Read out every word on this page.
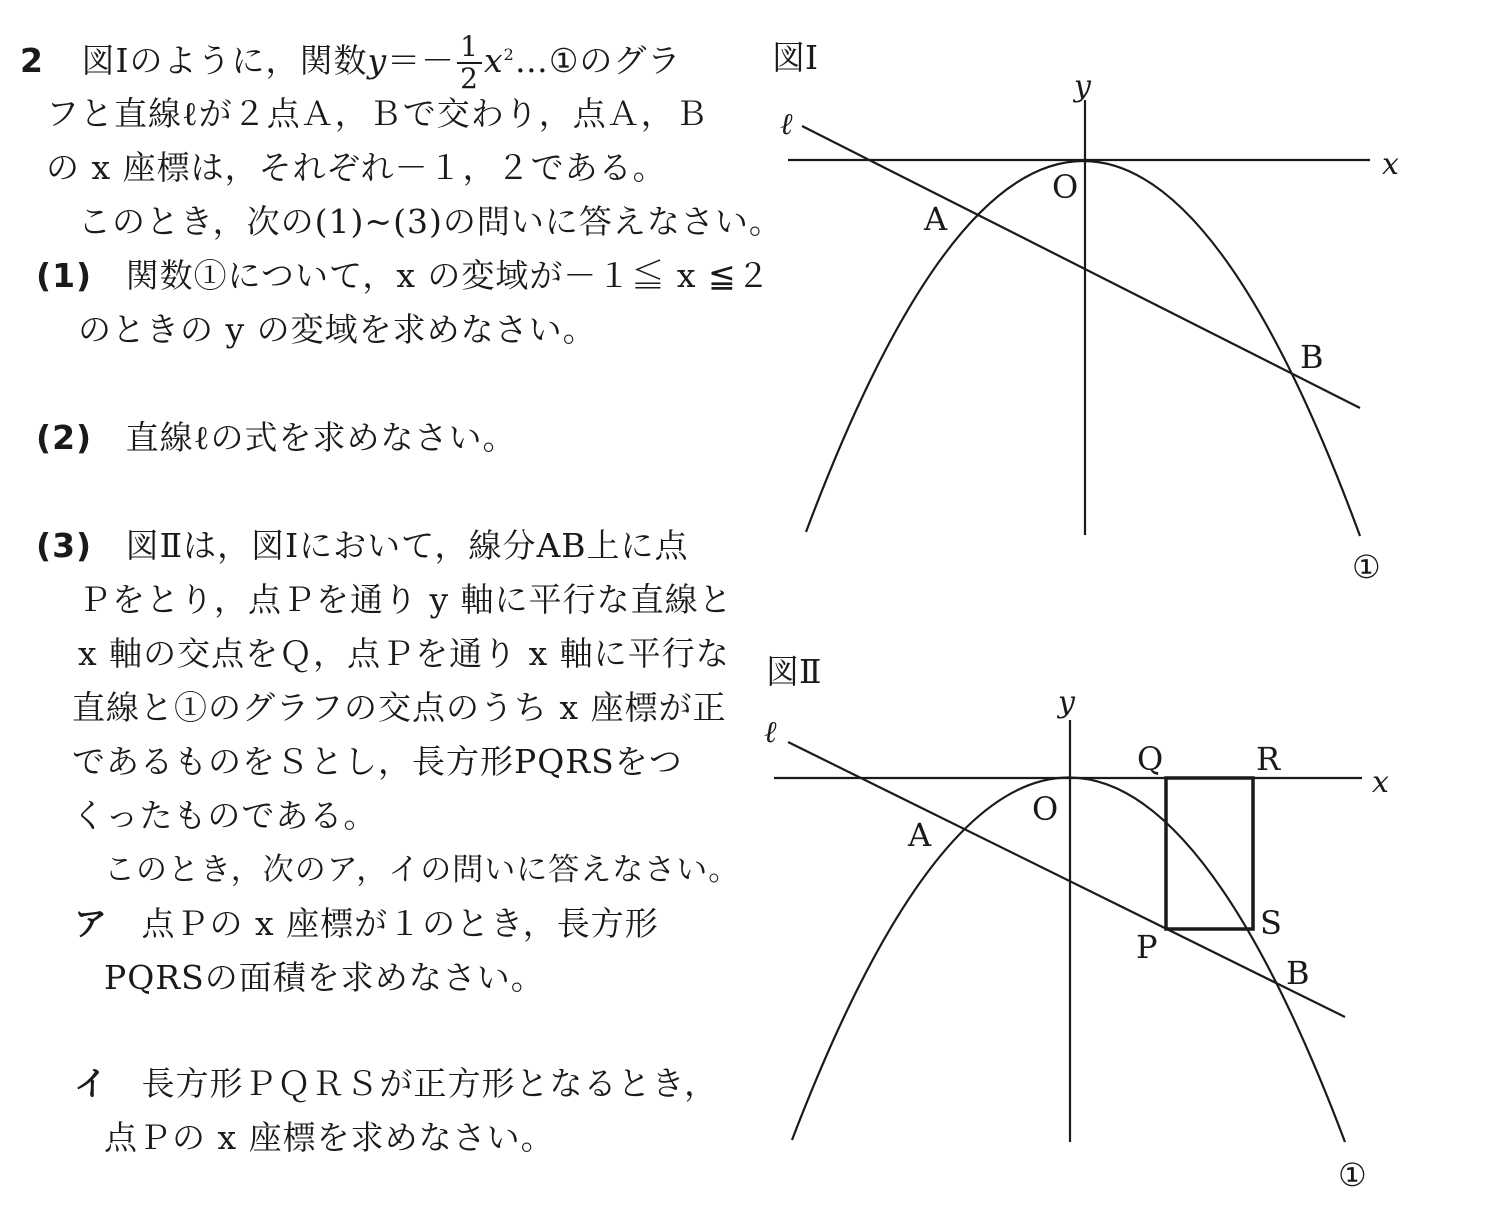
2 図Ⅰのように，関数$y=- \frac{1}{2}$ $x^2\dots ①$のグラ
フと直線ℓが２点Ａ，Ｂで交わり，点Ａ，Ｂ
の x 座標は，それぞれ－１，２である。
このとき，次の(1)~(3)の問いに答えなさい。
(1) 関数①について，x の変域が－１≦ x ≦２
のときの y の変域を求めなさい。
(2) 直線ℓの式を求めなさい。
(3) 図Ⅱは，図Ⅰにおいて，線分AB上に点
Ｐをとり，点Ｐを通り y 軸に平行な直線と
x 軸の交点をＱ，点Ｐを通り x 軸に平行な
直線と①のグラフの交点のうち x 座標が正
であるものをＳとし，長方形PQRSをつ
くったものである。
このとき，次のア，イの問いに答えなさい。
ア 点Ｐの x 座標が１のとき，長方形
PQRSの面積を求めなさい。
イ 長方形ＰＱＲＳが正方形となるとき，
点Ｐの x 座標を求めなさい。
図Ⅰ
ℓ
y
x
O
A
B
①
図Ⅱ
ℓ
y
x
O
A
B
P
Q	R
S
①
